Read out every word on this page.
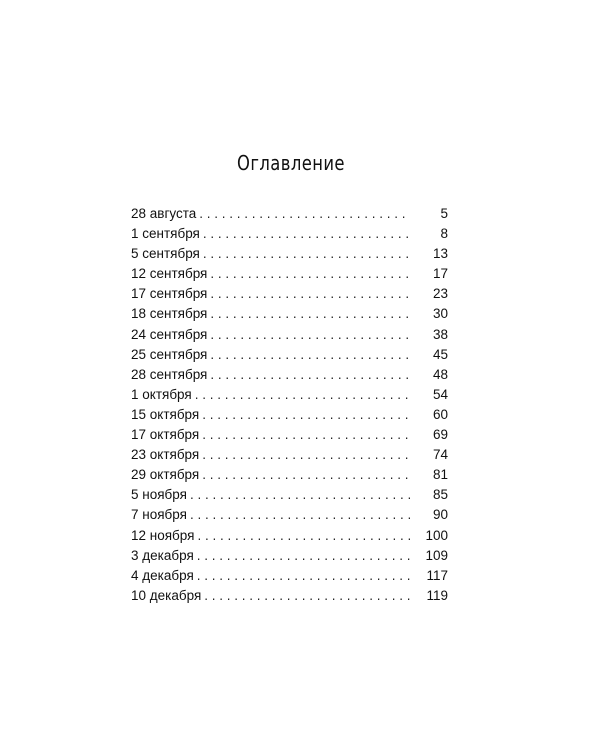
Оглавление
28 августа . . .	5
1 сентября . . .	8
5 сентября . . .	13
12 сентября . . .	17
17 сентября . . .	23
18 сентября . . .	30
24 сентября . . .	38
25 сентября . . .	45
28 сентября . . .	48
1 октября . . .	54
15 октября . . .	60
17 октября . . .	69
23 октября . . .	74
29 октября . . .	81
5 ноября . . .	85
7 ноября . . .	90
12 ноября . . .	100
3 декабря . . .	109
4 декабря . . .	117
10 декабря . . .	119
